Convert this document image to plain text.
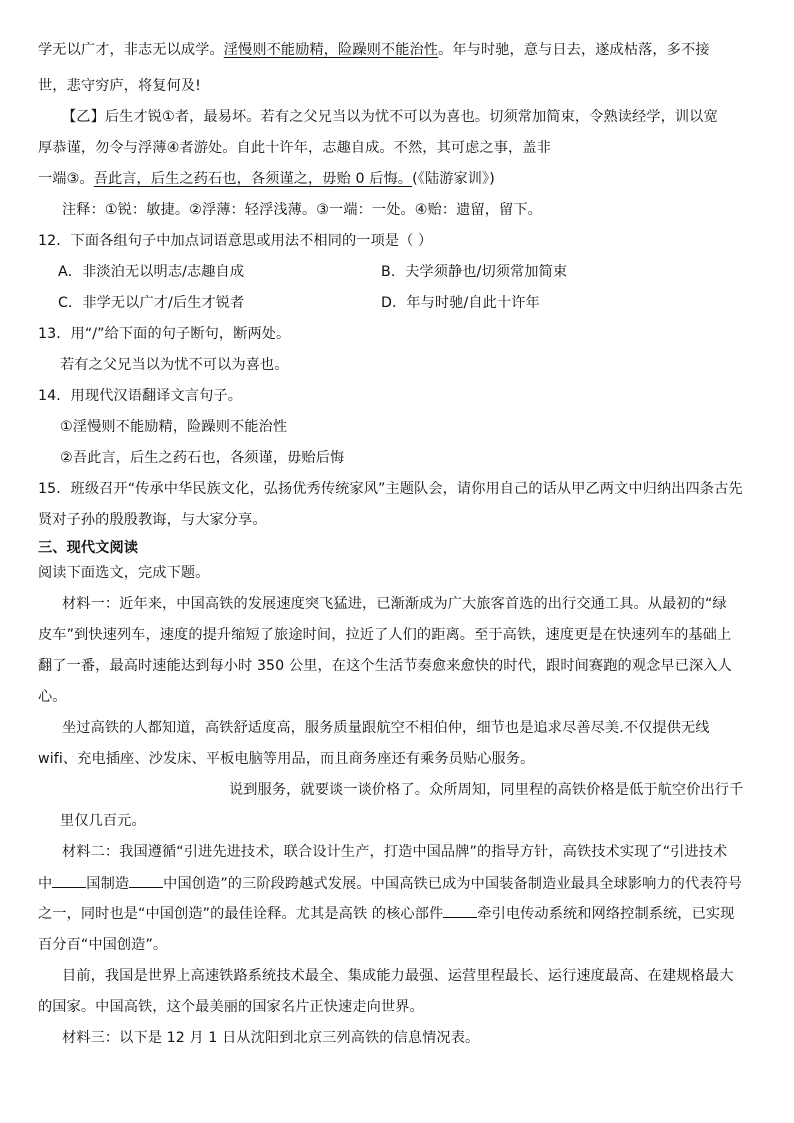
学无以广才，非志无以成学。淫慢则不能励精，险躁则不能治性。年与时驰，意与日去，遂成枯落，多不接
世，悲守穷庐，将复何及!
【乙】后生才锐①者，最易坏。若有之父兄当以为忧不可以为喜也。切须常加简束，令熟读经学，训以宽
厚恭谨，勿令与浮薄④者游处。自此十许年，志趣自成。不然，其可虑之事，盖非
一端③。吾此言，后生之药石也，各须谨之，毋贻 0 后悔。(《陆游家训》)
注释：①锐：敏捷。②浮薄：轻浮浅薄。③一端：一处。④贻：遗留，留下。
12．下面各组句子中加点词语意思或用法不相同的一项是（ ）
A．非淡泊无以明志/志趣自成	B．夫学须静也/切须常加简束
C．非学无以广才/后生才锐者	D．年与时驰/自此十许年
13．用“/”给下面的句子断句，断两处。
若有之父兄当以为忧不可以为喜也。
14．用现代汉语翻译文言句子。
①淫慢则不能励精，险躁则不能治性
②吾此言，后生之药石也，各须谨，毋贻后悔
15．班级召开“传承中华民族文化，弘扬优秀传统家风”主题队会，请你用自己的话从甲乙两文中归纳出四条古先
贤对子孙的殷殷教诲，与大家分享。
三、现代文阅读
阅读下面选文，完成下题。
材料一：近年来，中国高铁的发展速度突飞猛进，已渐渐成为广大旅客首选的出行交通工具。从最初的“绿
皮车”到快速列车，速度的提升缩短了旅途时间，拉近了人们的距离。至于高铁，速度更是在快速列车的基础上
翻了一番，最高时速能达到每小时 350 公里，在这个生活节奏愈来愈快的时代，跟时间赛跑的观念早已深入人
心。
坐过高铁的人都知道，高铁舒适度高，服务质量跟航空不相伯仲，细节也是追求尽善尽美.不仅提供无线
wifi、充电插座、沙发床、平板电脑等用品，而且商务座还有乘务员贴心服务。
说到服务，就要谈一谈价格了。众所周知，同里程的高铁价格是低于航空价出行千
里仅几百元。
材料二：我国遵循“引进先进技术，联合设计生产，打造中国品牌”的指导方针，高铁技术实现了“引进技术
中 国制造 中国创造”的三阶段跨越式发展。中国高铁已成为中国装备制造业最具全球影响力的代表符号
之一，同时也是“中国创造”的最佳诠释。尤其是高铁 的核心部件 牵引电传动系统和网络控制系统，已实现
百分百“中国创造”。
目前，我国是世界上高速铁路系统技术最全、集成能力最强、运营里程最长、运行速度最高、在建规格最大
的国家。中国高铁，这个最美丽的国家名片正快速走向世界。
材料三：以下是 12 月 1 日从沈阳到北京三列高铁的信息情况表。
